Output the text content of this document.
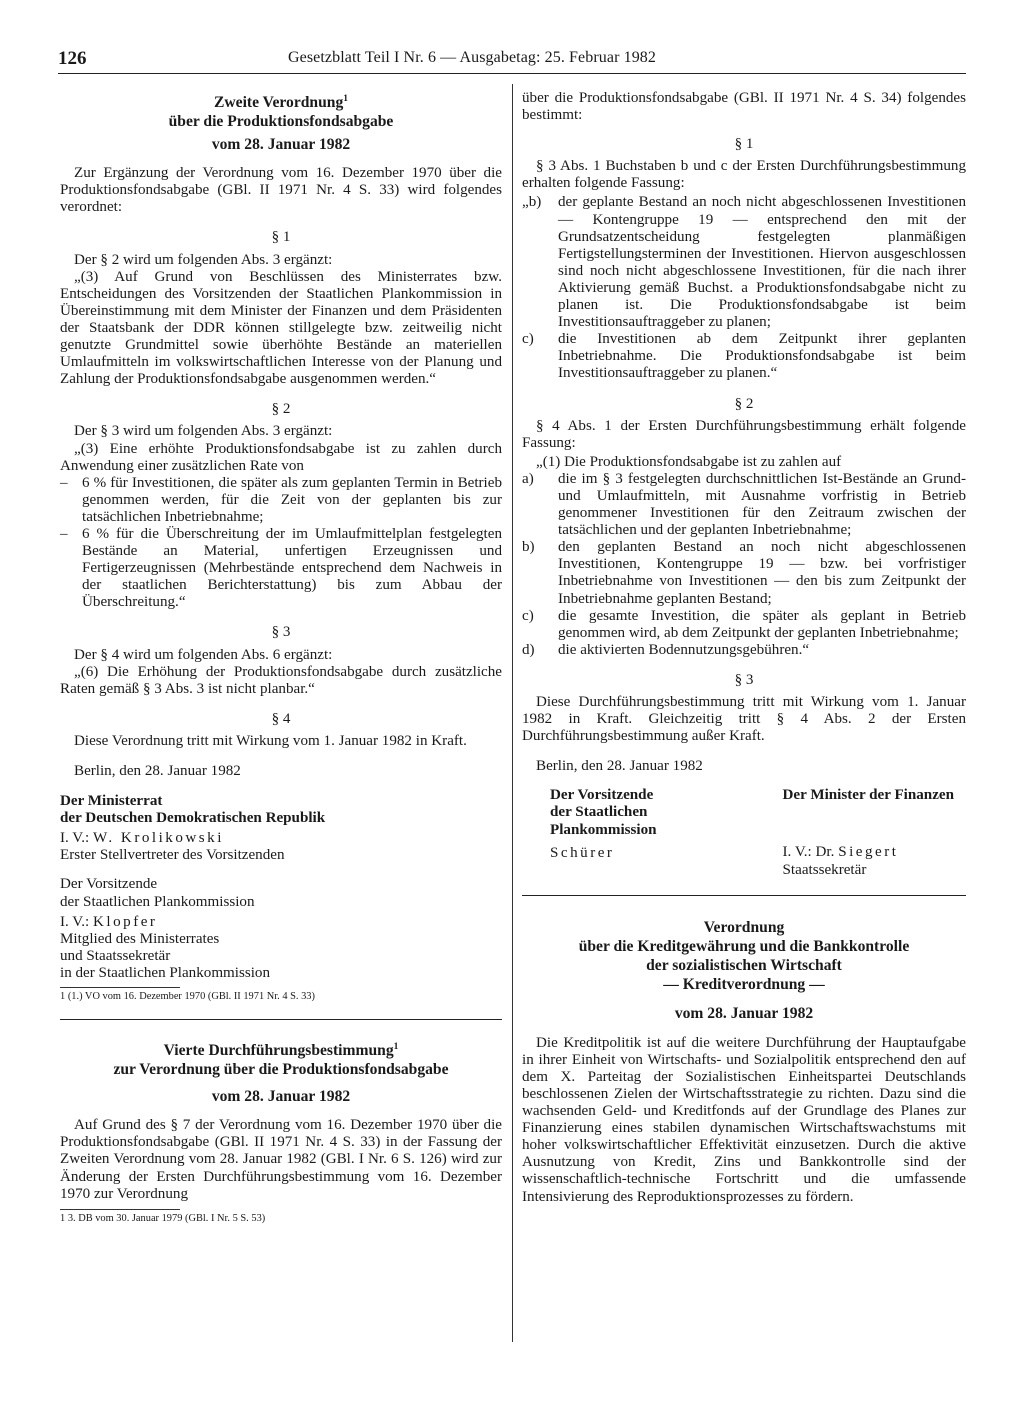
126	Gesetzblatt Teil I Nr. 6 — Ausgabetag: 25. Februar 1982

Zweite Verordnung$^1$

über die Produktionsfondsabgabe

vom 28. Januar 1982

Zur Ergänzung der Verordnung vom 16. Dezember 1970 über die Produktionsfondsabgabe (GBl. II 1971 Nr. 4 S. 33) wird folgendes verordnet:

§ 1

Der § 2 wird um folgenden Abs. 3 ergänzt:

„(3) Auf Grund von Beschlüssen des Ministerrates bzw. Entscheidungen des Vorsitzenden der Staatlichen Plankommission in Übereinstimmung mit dem Minister der Finanzen und dem Präsidenten der Staatsbank der DDR können stillgelegte bzw. zeitweilig nicht genutzte Grundmittel sowie überhöhte Bestände an materiellen Umlaufmitteln im volkswirtschaftlichen Interesse von der Planung und Zahlung der Produktionsfondsabgabe ausgenommen werden.“

§ 2

Der § 3 wird um folgenden Abs. 3 ergänzt:

„(3) Eine erhöhte Produktionsfondsabgabe ist zu zahlen durch Anwendung einer zusätzlichen Rate von

– 6 % für Investitionen, die später als zum geplanten Termin in Betrieb genommen werden, für die Zeit von der geplanten bis zur tatsächlichen Inbetriebnahme;
– 6 % für die Überschreitung der im Umlaufmittelplan festgelegten Bestände an Material, unfertigen Erzeugnissen und Fertigerzeugnissen (Mehrbestände entsprechend dem Nachweis in der staatlichen Berichterstattung) bis zum Abbau der Überschreitung.“

§ 3

Der § 4 wird um folgenden Abs. 6 ergänzt:

„(6) Die Erhöhung der Produktionsfondsabgabe durch zusätzliche Raten gemäß § 3 Abs. 3 ist nicht planbar.“

§ 4

Diese Verordnung tritt mit Wirkung vom 1. Januar 1982 in Kraft.

Berlin, den 28. Januar 1982

Der Ministerrat

der Deutschen Demokratischen Republik

I. V.: W. Krolikowski

Erster Stellvertreter des Vorsitzenden

Der Vorsitzende

der Staatlichen Plankommission

I. V.: Klopfer

Mitglied des Ministerrates

und Staatssekretär

in der Staatlichen Plankommission

1 (1.) VO vom 16. Dezember 1970 (GBl. II 1971 Nr. 4 S. 33)

Vierte Durchführungsbestimmung$^1$

zur Verordnung über die Produktionsfondsabgabe

vom 28. Januar 1982

Auf Grund des § 7 der Verordnung vom 16. Dezember 1970 über die Produktionsfondsabgabe (GBl. II 1971 Nr. 4 S. 33) in der Fassung der Zweiten Verordnung vom 28. Januar 1982 (GBl. I Nr. 6 S. 126) wird zur Änderung der Ersten Durchführungsbestimmung vom 16. Dezember 1970 zur Verordnung

1 3. DB vom 30. Januar 1979 (GBl. I Nr. 5 S. 53)

über die Produktionsfondsabgabe (GBl. II 1971 Nr. 4 S. 34) folgendes bestimmt:

§ 1

§ 3 Abs. 1 Buchstaben b und c der Ersten Durchführungsbestimmung erhalten folgende Fassung:

„b)	der geplante Bestand an noch nicht abgeschlossenen Investitionen — Kontengruppe 19 — entsprechend den mit der Grundsatzentscheidung festgelegten planmäßigen Fertigstellungsterminen der Investitionen. Hiervon ausgeschlossen sind noch nicht abgeschlossene Investitionen, für die nach ihrer Aktivierung gemäß Buchst. a Produktionsfondsabgabe nicht zu planen ist. Die Produktionsfondsabgabe ist beim Investitionsauftraggeber zu planen;
c)	die Investitionen ab dem Zeitpunkt ihrer geplanten Inbetriebnahme. Die Produktionsfondsabgabe ist beim Investitionsauftraggeber zu planen.“

§ 2

§ 4 Abs. 1 der Ersten Durchführungsbestimmung erhält folgende Fassung:

„(1) Die Produktionsfondsabgabe ist zu zahlen auf

a)	die im § 3 festgelegten durchschnittlichen Ist-Bestände an Grund- und Umlaufmitteln, mit Ausnahme vorfristig in Betrieb genommener Investitionen für den Zeitraum zwischen der tatsächlichen und der geplanten Inbetriebnahme;
b)	den geplanten Bestand an noch nicht abgeschlossenen Investitionen, Kontengruppe 19 — bzw. bei vorfristiger Inbetriebnahme von Investitionen — den bis zum Zeitpunkt der Inbetriebnahme geplanten Bestand;
c)	die gesamte Investition, die später als geplant in Betrieb genommen wird, ab dem Zeitpunkt der geplanten Inbetriebnahme;
d)	die aktivierten Bodennutzungsgebühren.“

§ 3

Diese Durchführungsbestimmung tritt mit Wirkung vom 1. Januar 1982 in Kraft. Gleichzeitig tritt § 4 Abs. 2 der Ersten Durchführungsbestimmung außer Kraft.

Berlin, den 28. Januar 1982

Der Vorsitzende

der Staatlichen

Plankommission

Schürer

Der Minister der Finanzen

I. V.: Dr. Siegert

Staatssekretär

Verordnung

über die Kreditgewährung und die Bankkontrolle

der sozialistischen Wirtschaft

— Kreditverordnung —

vom 28. Januar 1982

Die Kreditpolitik ist auf die weitere Durchführung der Hauptaufgabe in ihrer Einheit von Wirtschafts- und Sozialpolitik entsprechend den auf dem X. Parteitag der Sozialistischen Einheitspartei Deutschlands beschlossenen Zielen der Wirtschaftsstrategie zu richten. Dazu sind die wachsenden Geld- und Kreditfonds auf der Grundlage des Planes zur Finanzierung eines stabilen dynamischen Wirtschaftswachstums mit hoher volkswirtschaftlicher Effektivität einzusetzen. Durch die aktive Ausnutzung von Kredit, Zins und Bankkontrolle sind der wissenschaftlich-technische Fortschritt und die umfassende Intensivierung des Reproduktionsprozesses zu fördern.
